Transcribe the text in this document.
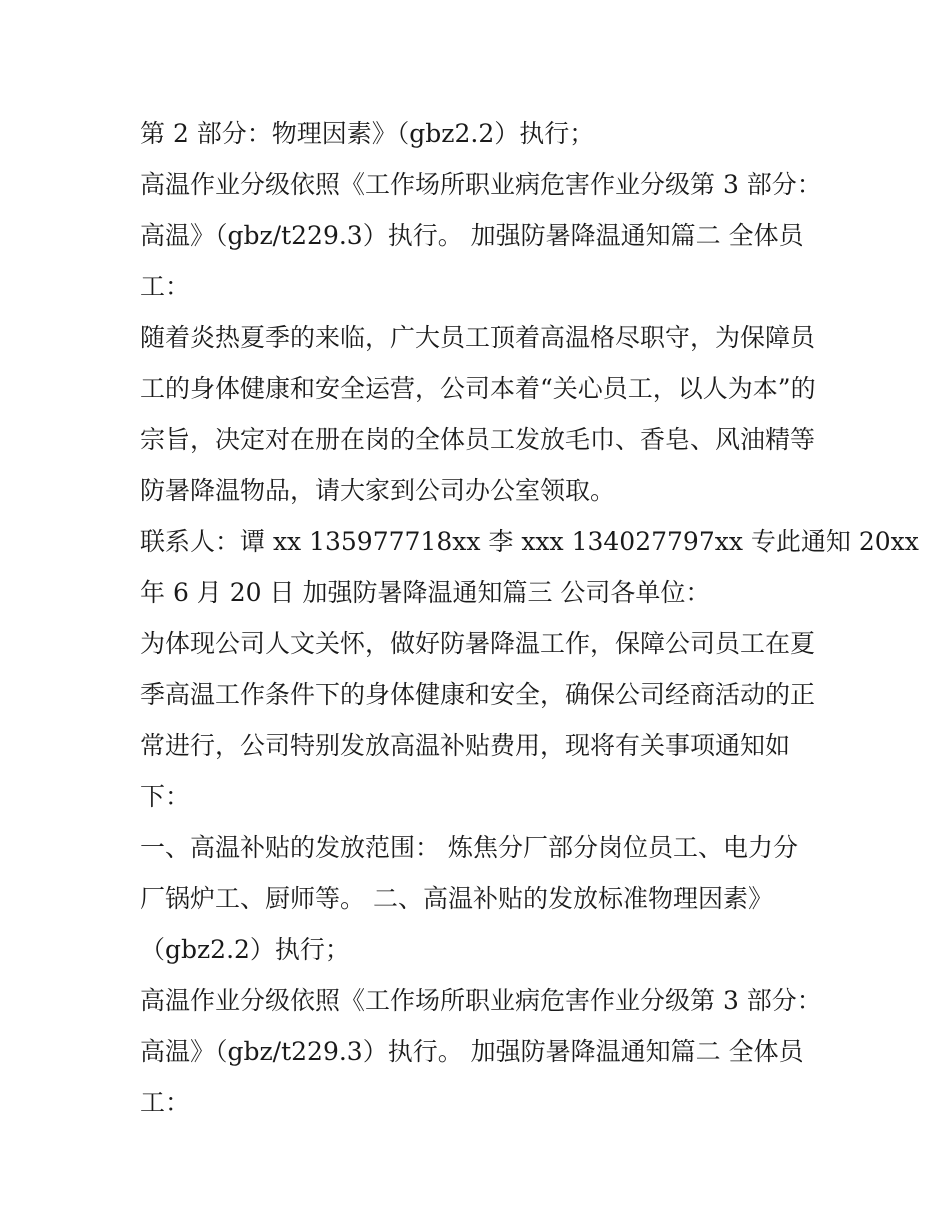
第 2 部分：物理因素》（gbz2.2）执行；
高温作业分级依照《工作场所职业病危害作业分级第 3 部分：
高温》（gbz/t229.3）执行。 加强防暑降温通知篇二 全体员
工：
随着炎热夏季的来临，广大员工顶着高温格尽职守，为保障员
工的身体健康和安全运营，公司本着“关心员工，以人为本”的
宗旨，决定对在册在岗的全体员工发放毛巾、香皂、风油精等
防暑降温物品，请大家到公司办公室领取。
联系人：谭 xx 135977718xx 李 xxx 134027797xx 专此通知 20xx
年 6 月 20 日 加强防暑降温通知篇三 公司各单位：
为体现公司人文关怀，做好防暑降温工作，保障公司员工在夏
季高温工作条件下的身体健康和安全，确保公司经商活动的正
常进行，公司特别发放高温补贴费用，现将有关事项通知如
下：
一、高温补贴的发放范围： 炼焦分厂部分岗位员工、电力分
厂锅炉工、厨师等。 二、高温补贴的发放标准物理因素》
（gbz2.2）执行；
高温作业分级依照《工作场所职业病危害作业分级第 3 部分：
高温》（gbz/t229.3）执行。 加强防暑降温通知篇二 全体员
工：
